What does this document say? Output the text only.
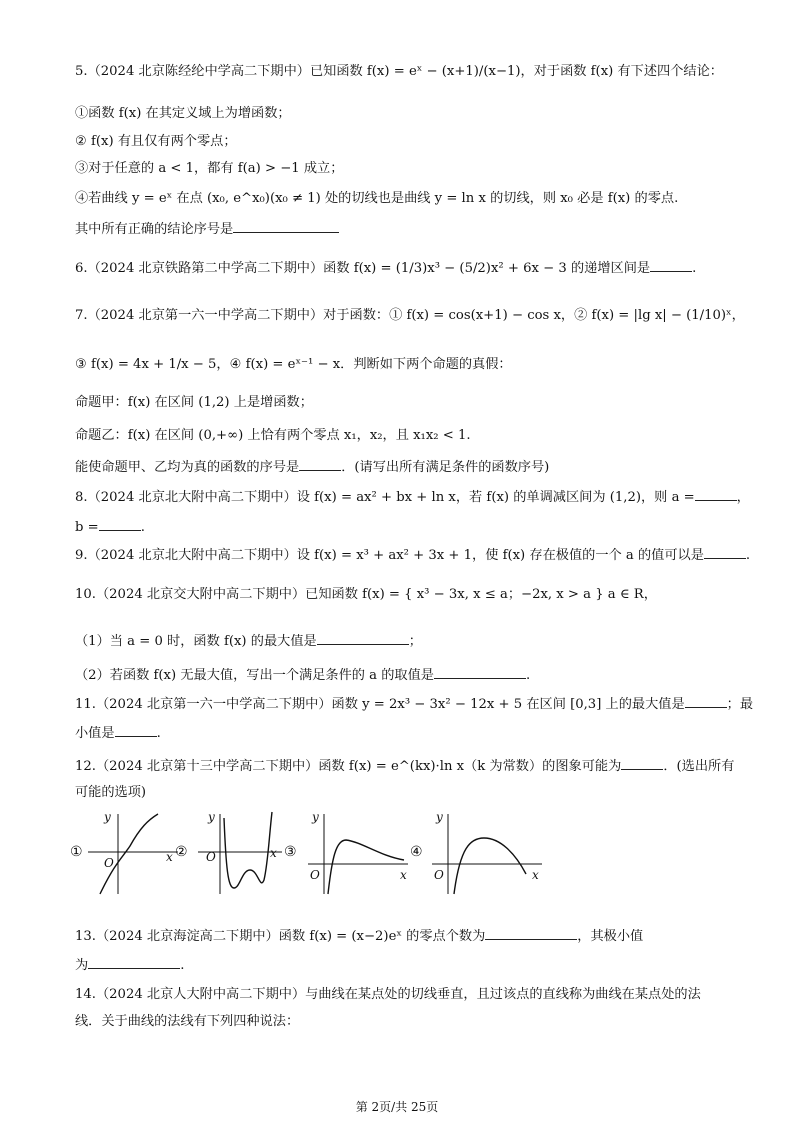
5.（2024 北京陈经纶中学高二下期中）已知函数 f(x) = eˣ − (x+1)/(x−1)，对于函数 f(x) 有下述四个结论：
①函数 f(x) 在其定义域上为增函数；
② f(x) 有且仅有两个零点；
③对于任意的 a < 1，都有 f(a) > −1 成立；
④若曲线 y = eˣ 在点 (x₀, e^x₀)(x₀ ≠ 1) 处的切线也是曲线 y = ln x 的切线，则 x₀ 必是 f(x) 的零点.
其中所有正确的结论序号是
6.（2024 北京铁路第二中学高二下期中）函数 f(x) = (1/3)x³ − (5/2)x² + 6x − 3 的递增区间是	.
7.（2024 北京第一六一中学高二下期中）对于函数：① f(x) = cos(x+1) − cos x，② f(x) = |lg x| − (1/10)ˣ，
③ f(x) = 4x + 1/x − 5，④ f(x) = eˣ⁻¹ − x．判断如下两个命题的真假：
命题甲：f(x) 在区间 (1,2) 上是增函数；
命题乙：f(x) 在区间 (0,+∞) 上恰有两个零点 x₁，x₂，且 x₁x₂ < 1.
能使命题甲、乙均为真的函数的序号是	．(请写出所有满足条件的函数序号)
8.（2024 北京北大附中高二下期中）设 f(x) = ax² + bx + ln x，若 f(x) 的单调减区间为 (1,2)，则 a =	，
b =	.
9.（2024 北京北大附中高二下期中）设 f(x) = x³ + ax² + 3x + 1，使 f(x) 存在极值的一个 a 的值可以是	.
10.（2024 北京交大附中高二下期中）已知函数 f(x) = { x³ − 3x, x ≤ a；−2x, x > a } a ∈ R，
（1）当 a = 0 时，函数 f(x) 的最大值是	；
（2）若函数 f(x) 无最大值，写出一个满足条件的 a 的取值是	.
11.（2024 北京第一六一中学高二下期中）函数 y = 2x³ − 3x² − 12x + 5 在区间 [0,3] 上的最大值是	；最
小值是	.
12.（2024 北京第十三中学高二下期中）函数 f(x) = e^(kx)·ln x（k 为常数）的图象可能为	．(选出所有
可能的选项)
13.（2024 北京海淀高二下期中）函数 f(x) = (x−2)eˣ 的零点个数为	，其极小值
为	.
14.（2024 北京人大附中高二下期中）与曲线在某点处的切线垂直，且过该点的直线称为曲线在某点处的法
线．关于曲线的法线有下列四种说法：
①	②	③	④
y
O	x
y
O	x
y
O	x
y
O	x
第 2页/共 25页
